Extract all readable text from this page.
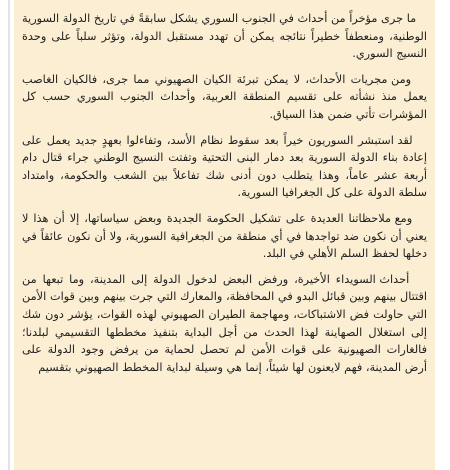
ما جرى مؤخراً من أحداث في الجنوب السوري يشكل سابقةً في تاريخ الدولة السورية الوطنية، ومنعطفاً خطيراً نتائجه يمكن أن تهدد مستقبل الدولة، وتؤثر سلباً على وحدة النسيج السوري.

ومن مجريات الأحداث، لا يمكن تبرئة الكيان الصهيوني مما جرى، فالكيان الغاصب يعمل منذ نشأته على تقسيم المنطقة العربية، وأحداث الجنوب السوري حسب كل المؤشرات تأتي ضمن هذا السياق.

لقد استبشر السوريون خيراً بعد سقوط نظام الأسد، وتفاءلوا بعهدٍ جديد يعمل على إعادة بناء الدولة السورية بعد دمار البنى التحتية وتفتت النسيج الوطني جراء قتال دام أربعة عشر عاماً، وهذا يتطلب دون أدنى شك تفاعلاً بين الشعب والحكومة، وامتداد سلطة الدولة على كل الجغرافيا السورية.

ومع ملاحظاتنا العديدة على تشكيل الحكومة الجديدة وبعض سياساتها، إلا أن هذا لا يعني أن نكون ضد تواجدها في أي منطقة من الجغرافية السورية، ولا أن نكون عائقاً في دخلها لحفظ السلم الأهلي في البلد.

أحداث السويداء الأخيرة، ورفض البعض لدخول الدولة إلى المدينة، وما تبعها من اقتتال بينهم وبين قبائل البدو في المحافظة، والمعارك التي جرت بينهم وبين قوات الأمن التي حاولت فض الاشتباكات، ومهاجمة الطيران الصهيوني لهذه القوات، يؤشر دون شك إلى استغلال الصهاينة لهذا الحدث من أجل البداية بتنفيذ مخططها التقسيمي لبلدنا؛ فالغارات الصهيونية على قوات الأمن لم تحصل لحماية من يرفض وجود الدولة على أرض المدينة، فهم لايعنون لها شيئاً، إنما هي وسيلة لبداية المخطط الصهيوني بتقسيم
